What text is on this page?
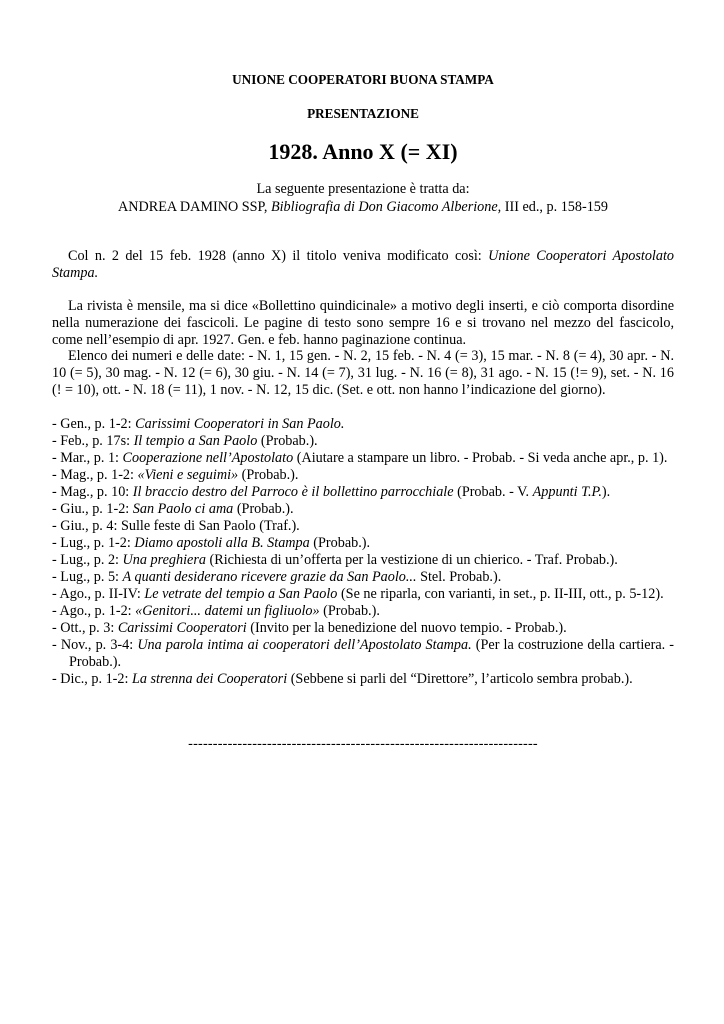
UNIONE COOPERATORI BUONA STAMPA
PRESENTAZIONE
1928. Anno X (= XI)
La seguente presentazione è tratta da:
ANDREA DAMINO SSP, Bibliografia di Don Giacomo Alberione, III ed., p. 158-159

Col n. 2 del 15 feb. 1928 (anno X) il titolo veniva modificato così: Unione Cooperatori Apostolato Stampa.

La rivista è mensile, ma si dice «Bollettino quindicinale» a motivo degli inserti, e ciò comporta disordine nella numerazione dei fascicoli. Le pagine di testo sono sempre 16 e si trovano nel mezzo del fascicolo, come nell’esempio di apr. 1927. Gen. e feb. hanno paginazione continua.

Elenco dei numeri e delle date: - N. 1, 15 gen. - N. 2, 15 feb. - N. 4 (= 3), 15 mar. - N. 8 (= 4), 30 apr. - N. 10 (= 5), 30 mag. - N. 12 (= 6), 30 giu. - N. 14 (= 7), 31 lug. - N. 16 (= 8), 31 ago. - N. 15 (!= 9), set. - N. 16 (! = 10), ott. - N. 18 (= 11), 1 nov. - N. 12, 15 dic. (Set. e ott. non hanno l’indicazione del giorno).

- Gen., p. 1-2: Carissimi Cooperatori in San Paolo.
- Feb., p. 17s: Il tempio a San Paolo (Probab.).
- Mar., p. 1: Cooperazione nell’Apostolato (Aiutare a stampare un libro. - Probab. - Si veda anche apr., p. 1).
- Mag., p. 1-2: «Vieni e seguimi» (Probab.).
- Mag., p. 10: Il braccio destro del Parroco è il bollettino parrocchiale (Probab. - V. Appunti T.P.).
- Giu., p. 1-2: San Paolo ci ama (Probab.).
- Giu., p. 4: Sulle feste di San Paolo (Traf.).
- Lug., p. 1-2: Diamo apostoli alla B. Stampa (Probab.).
- Lug., p. 2: Una preghiera (Richiesta di un’offerta per la vestizione di un chierico. - Traf. Probab.).
- Lug., p. 5: A quanti desiderano ricevere grazie da San Paolo... Stel. Probab.).
- Ago., p. II-IV: Le vetrate del tempio a San Paolo (Se ne riparla, con varianti, in set., p. II-III, ott., p. 5-12).
- Ago., p. 1-2: «Genitori... datemi un figliuolo» (Probab.).
- Ott., p. 3: Carissimi Cooperatori (Invito per la benedizione del nuovo tempio. - Probab.).
- Nov., p. 3-4: Una parola intima ai cooperatori dell’Apostolato Stampa. (Per la costruzione della cartiera. - Probab.).
- Dic., p. 1-2: La strenna dei Cooperatori (Sebbene si parli del “Direttore”, l’articolo sembra probab.).
-----------------------------------------------------------------------
